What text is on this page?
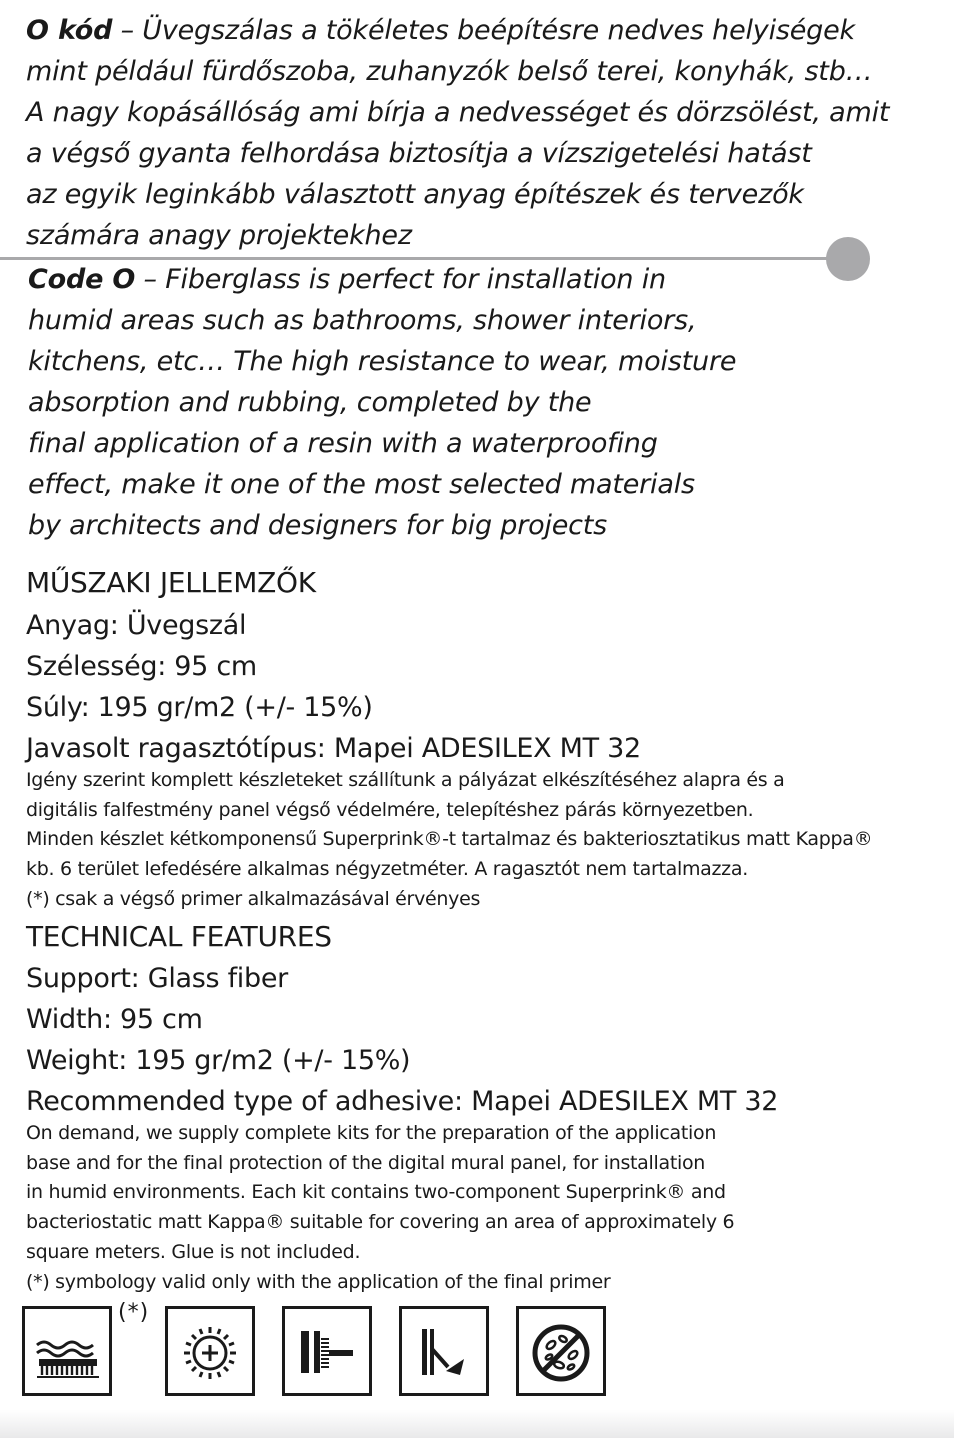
O kód – Üvegszálas a tökéletes beépítésre nedves helyiségek
mint például fürdőszoba, zuhanyzók belső terei, konyhák, stb…
A nagy kopásállóság ami bírja a nedvességet és dörzsölést, amit
a végső gyanta felhordása biztosítja a vízszigetelési hatást
az egyik leginkább választott anyag építészek és tervezők
számára anagy projektekhez
Code O – Fiberglass is perfect for installation in
humid areas such as bathrooms, shower interiors,
kitchens, etc… The high resistance to wear, moisture
absorption and rubbing, completed by the
final application of a resin with a waterproofing
effect, make it one of the most selected materials
by architects and designers for big projects
MŰSZAKI JELLEMZŐK
Anyag: Üvegszál
Szélesség: 95 cm
Súly: 195 gr/m2 (+/- 15%)
Javasolt ragasztótípus: Mapei ADESILEX MT 32
Igény szerint komplett készleteket szállítunk a pályázat elkészítéséhez alapra és a
digitális falfestmény panel végső védelmére, telepítéshez párás környezetben.
Minden készlet kétkomponensű Superprink®-t tartalmaz és bakteriosztatikus matt Kappa®
kb. 6 terület lefedésére alkalmas négyzetméter. A ragasztót nem tartalmazza.
(*) csak a végső primer alkalmazásával érvényes
TECHNICAL FEATURES
Support: Glass fiber
Width: 95 cm
Weight: 195 gr/m2 (+/- 15%)
Recommended type of adhesive: Mapei ADESILEX MT 32
On demand, we supply complete kits for the preparation of the application
base and for the final protection of the digital mural panel, for installation
in humid environments. Each kit contains two-component Superprink® and
bacteriostatic matt Kappa® suitable for covering an area of approximately 6
square meters. Glue is not included.
(*) symbology valid only with the application of the final primer
(*)
